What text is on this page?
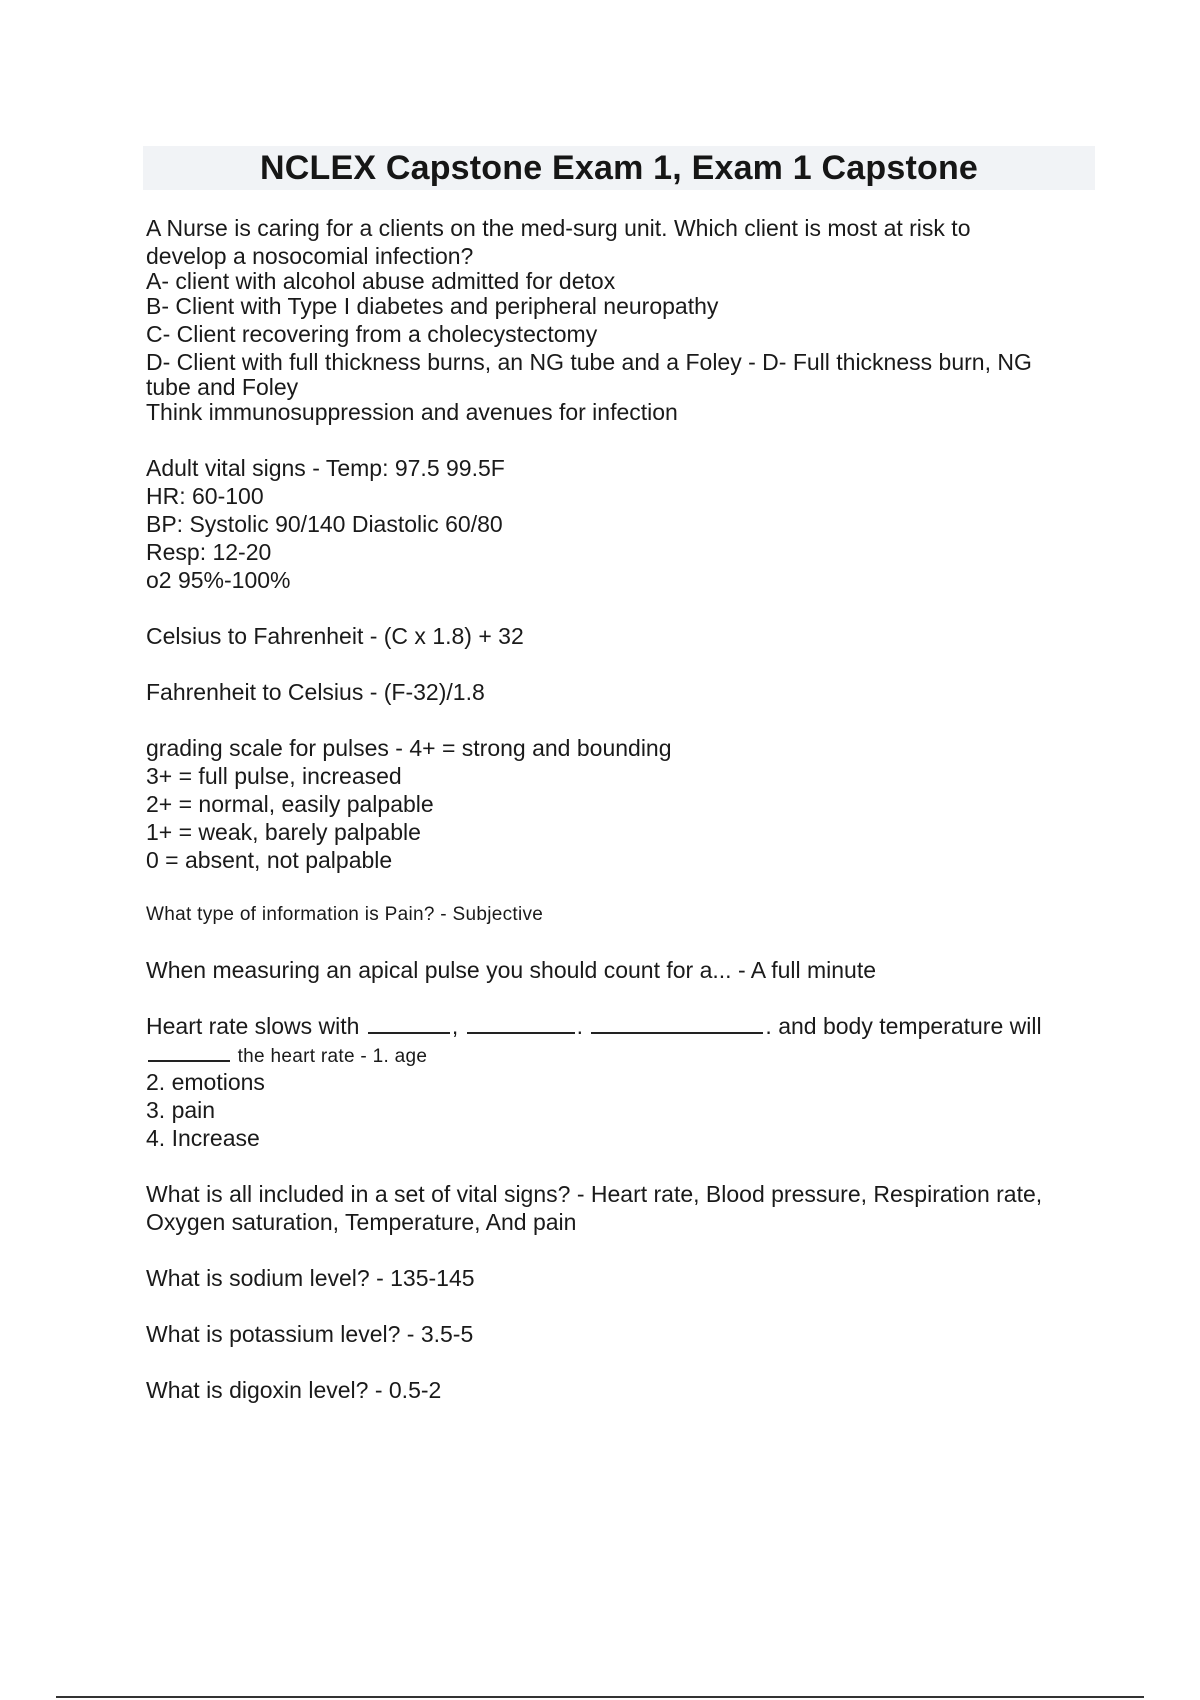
NCLEX Capstone Exam 1, Exam 1 Capstone

A Nurse is caring for a clients on the med-surg unit. Which client is most at risk to

develop a nosocomial infection?

A- client with alcohol abuse admitted for detox

B- Client with Type I diabetes and peripheral neuropathy

C- Client recovering from a cholecystectomy

D- Client with full thickness burns, an NG tube and a Foley - D- Full thickness burn, NG

tube and Foley

Think immunosuppression and avenues for infection

Adult vital signs - Temp: 97.5 99.5F

HR: 60-100

BP: Systolic 90/140 Diastolic 60/80

Resp: 12-20

o2 95%-100%

Celsius to Fahrenheit - (C x 1.8) + 32

Fahrenheit to Celsius - (F-32)/1.8

grading scale for pulses - 4+ = strong and bounding

3+ = full pulse, increased

2+ = normal, easily palpable

1+ = weak, barely palpable

0 = absent, not palpable

What type of information is Pain? - Subjective

When measuring an apical pulse you should count for a... - A full minute

Heart rate slows with	,	.	. and body temperature will

the heart rate - 1. age

2. emotions

3. pain

4. Increase

What is all included in a set of vital signs? - Heart rate, Blood pressure, Respiration rate,

Oxygen saturation, Temperature, And pain

What is sodium level? - 135-145

What is potassium level? - 3.5-5

What is digoxin level? - 0.5-2
